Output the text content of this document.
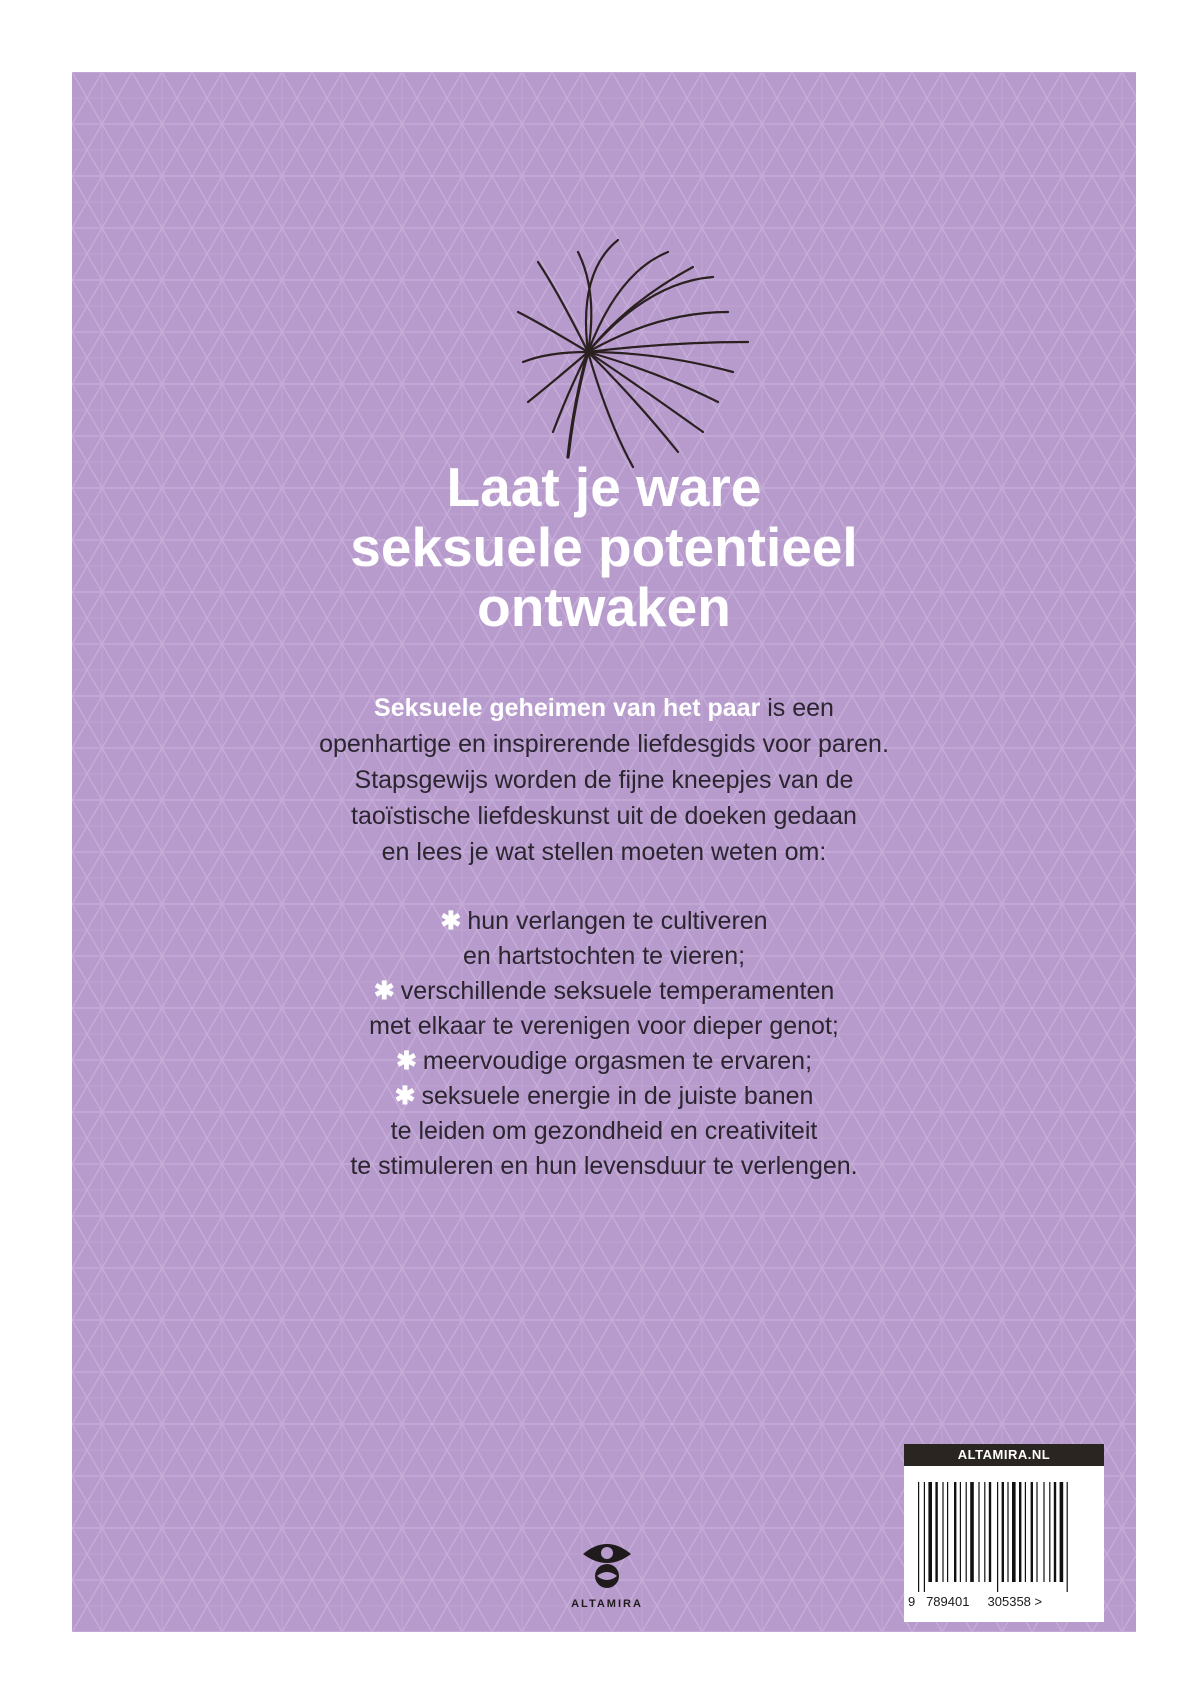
Laat je ware
seksuele potentieel
ontwaken

Seksuele geheimen van het paar is een
openhartige en inspirerende liefdesgids voor paren.
Stapsgewijs worden de fijne kneepjes van de
taoïstische liefdeskunst uit de doeken gedaan
en lees je wat stellen moeten weten om:

✱ hun verlangen te cultiveren
en hartstochten te vieren;
✱ verschillende seksuele temperamenten
met elkaar te verenigen voor dieper genot;
✱ meervoudige orgasmen te ervaren;
✱ seksuele energie in de juiste banen
te leiden om gezondheid en creativiteit
te stimuleren en hun levensduur te verlengen.
ALTAMIRA
ALTAMIRA.NL
9 789401 305358 >
